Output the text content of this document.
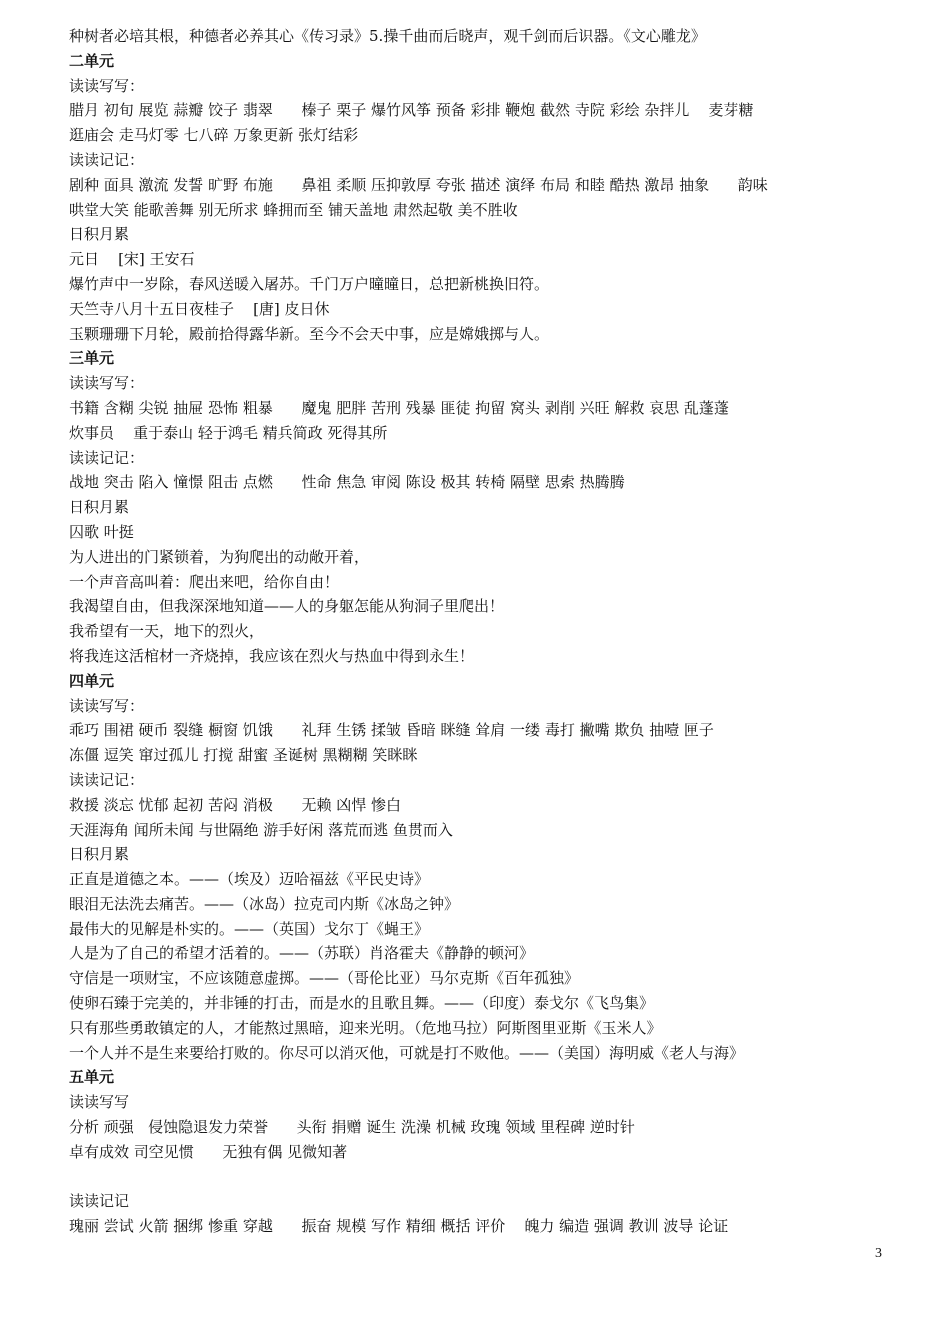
种树者必培其根，种德者必养其心《传习录》5.操千曲而后晓声，观千剑而后识器。《文心雕龙》
二单元
读读写写：
腊月 初旬 展览 蒜瓣 饺子 翡翠      榛子 栗子 爆竹风筝 预备 彩排 鞭炮 截然 寺院 彩绘 杂拌儿    麦芽糖
逛庙会 走马灯零 七八碎 万象更新 张灯结彩
读读记记：
剧种 面具 激流 发誓 旷野 布施      鼻祖 柔顺 压抑敦厚 夸张 描述 演绎 布局 和睦 酷热 激昂 抽象      韵味
哄堂大笑 能歌善舞 别无所求 蜂拥而至 铺天盖地 肃然起敬 美不胜收
日积月累
元日    [宋] 王安石
爆竹声中一岁除，春风送暖入屠苏。千门万户曈曈日，总把新桃换旧符。
天竺寺八月十五日夜桂子    [唐] 皮日休
玉颗珊珊下月轮，殿前拾得露华新。至今不会天中事，应是嫦娥掷与人。
三单元
读读写写：
书籍 含糊 尖锐 抽屉 恐怖 粗暴      魔鬼 肥胖 苦刑 残暴 匪徒 拘留 窝头 剥削 兴旺 解救 哀思 乱蓬蓬
炊事员    重于泰山 轻于鸿毛 精兵简政 死得其所
读读记记：
战地 突击 陷入 憧憬 阻击 点燃      性命 焦急 审阅 陈设 极其 转椅 隔壁 思索 热腾腾
日积月累
囚歌 叶挺
为人进出的门紧锁着，为狗爬出的动敞开着，
一个声音高叫着：爬出来吧，给你自由！
我渴望自由，但我深深地知道——人的身躯怎能从狗洞子里爬出！
我希望有一天，地下的烈火，
将我连这活棺材一齐烧掉，我应该在烈火与热血中得到永生！
四单元
读读写写：
乖巧 围裙 硬币 裂缝 橱窗 饥饿      礼拜 生锈 揉皱 昏暗 眯缝 耸肩 一缕 毒打 撇嘴 欺负 抽噎 匣子
冻僵 逗笑 窜过孤儿 打搅 甜蜜 圣诞树 黑糊糊 笑眯眯
读读记记：
救援 淡忘 忧郁 起初 苦闷 消极      无赖 凶悍 惨白
天涯海角 闻所未闻 与世隔绝 游手好闲 落荒而逃 鱼贯而入
日积月累
正直是道德之本。——（埃及）迈哈福兹《平民史诗》
眼泪无法洗去痛苦。——（冰岛）拉克司内斯《冰岛之钟》
最伟大的见解是朴实的。——（英国）戈尔丁《蝇王》
人是为了自己的希望才活着的。——（苏联）肖洛霍夫《静静的顿河》
守信是一项财宝，不应该随意虚掷。——（哥伦比亚）马尔克斯《百年孤独》
使卵石臻于完美的，并非锤的打击，而是水的且歌且舞。——（印度）泰戈尔《飞鸟集》
只有那些勇敢镇定的人，才能熬过黑暗，迎来光明。（危地马拉）阿斯图里亚斯《玉米人》
一个人并不是生来要给打败的。你尽可以消灭他，可就是打不败他。——（美国）海明威《老人与海》
五单元
读读写写
分析 顽强   侵蚀隐退发力荣誉      头衔 捐赠 诞生 洗澡 机械 玫瑰 领域 里程碑 逆时针
卓有成效 司空见惯      无独有偶 见微知著
读读记记
瑰丽 尝试 火箭 捆绑 惨重 穿越      振奋 规模 写作 精细 概括 评价    魄力 编造 强调 教训 波导 论证
3
